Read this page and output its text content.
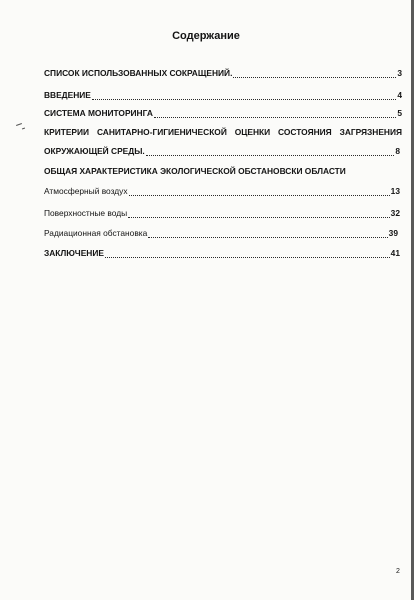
Содержание
СПИСОК ИСПОЛЬЗОВАННЫХ СОКРАЩЕНИЙ.	3
ВВЕДЕНИЕ	4
СИСТЕМА МОНИТОРИНГА	5
КРИТЕРИИ САНИТАРНО-ГИГИЕНИЧЕСКОЙ ОЦЕНКИ СОСТОЯНИЯ ЗАГРЯЗНЕНИЯ
ОКРУЖАЮЩЕЙ СРЕДЫ.	8
ОБЩАЯ ХАРАКТЕРИСТИКА ЭКОЛОГИЧЕСКОЙ ОБСТАНОВСКИ ОБЛАСТИ
Атмосферный воздух	13
Поверхностные воды	32
Радиационная обстановка	39
ЗАКЛЮЧЕНИЕ	41
2
